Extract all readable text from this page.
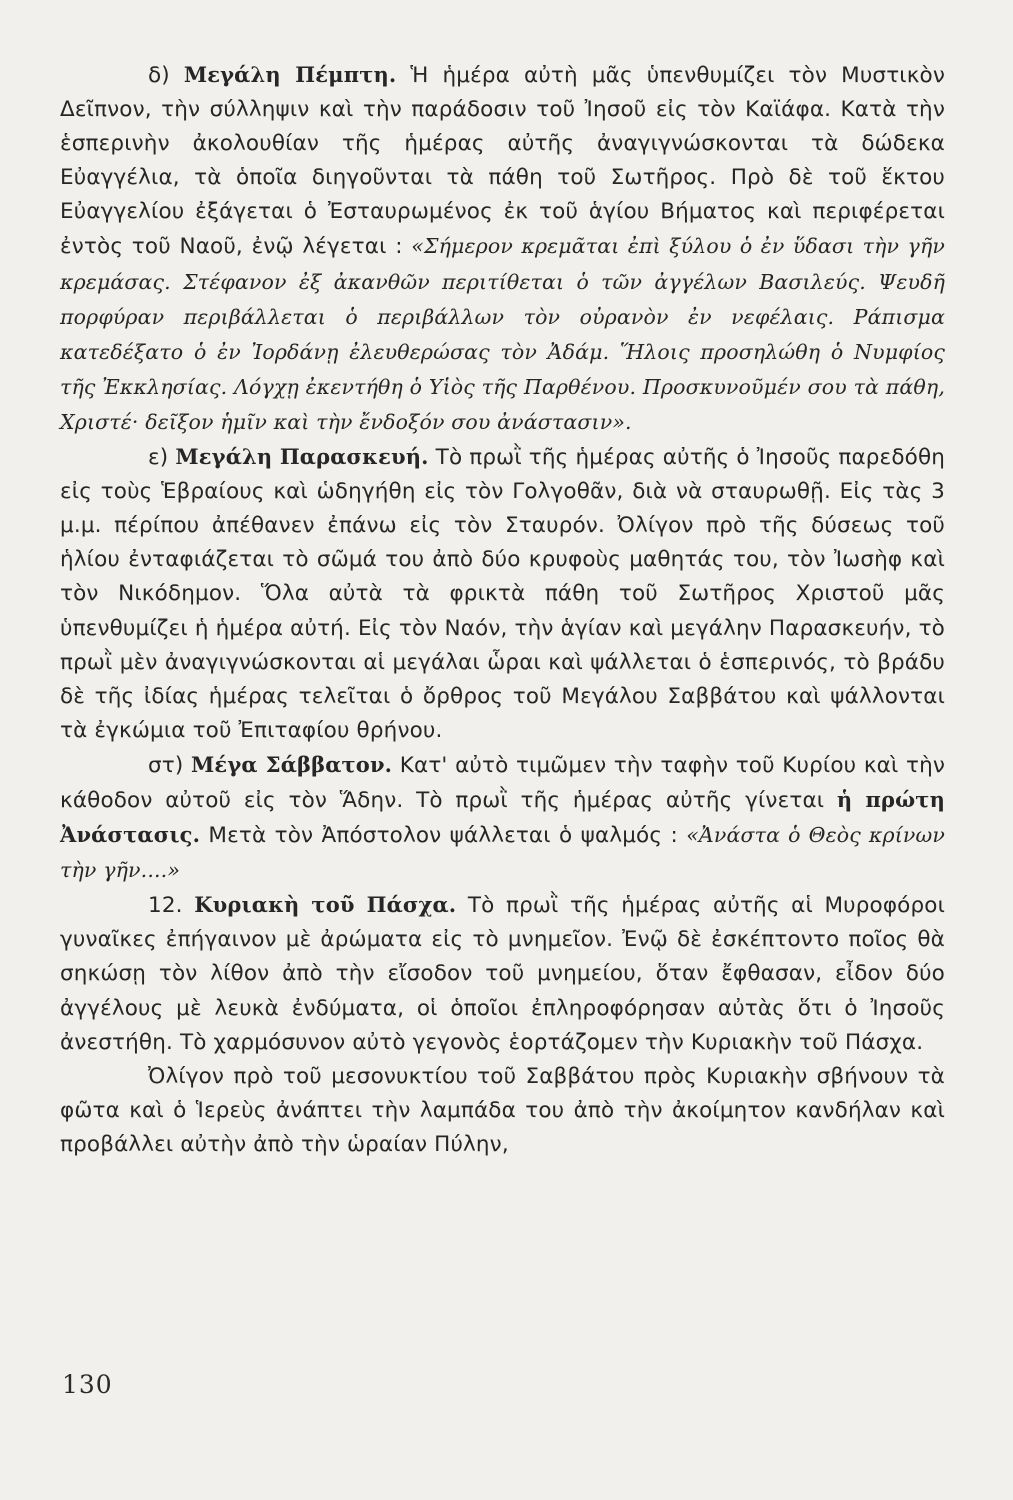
δ) Μεγάλη Πέμπτη. Ἡ ἡμέρα αὐτὴ μᾶς ὑπενθυμίζει τὸν Μυστικὸν Δεῖπνον, τὴν σύλληψιν καὶ τὴν παράδοσιν τοῦ Ἰησοῦ εἰς τὸν Καϊάφα. Κατὰ τὴν ἑσπερινὴν ἀκολουθίαν τῆς ἡμέρας αὐτῆς ἀναγιγνώσκονται τὰ δώδεκα Εὐαγγέλια, τὰ ὁποῖα διηγοῦνται τὰ πάθη τοῦ Σωτῆρος. Πρὸ δὲ τοῦ ἕκτου Εὐαγγελίου ἐξάγεται ὁ Ἐσταυρωμένος ἐκ τοῦ ἁγίου Βήματος καὶ περιφέρεται ἐντὸς τοῦ Ναοῦ, ἐνῷ λέγεται : «Σήμερον κρεμᾶται ἐπὶ ξύλου ὁ ἐν ὕδασι τὴν γῆν κρεμάσας. Στέφανον ἐξ ἀκανθῶν περιτίθεται ὁ τῶν ἀγγέλων Βασιλεύς. Ψευδῆ πορφύραν περιβάλλεται ὁ περιβάλλων τὸν οὐρανὸν ἐν νεφέλαις. Ράπισμα κατεδέξατο ὁ ἐν Ἰορδάνῃ ἐλευθερώσας τὸν Ἀδάμ. Ἥλοις προσηλώθη ὁ Νυμφίος τῆς Ἐκκλησίας. Λόγχῃ ἐκεντήθη ὁ Υἱὸς τῆς Παρθένου. Προσκυνοῦμέν σου τὰ πάθη, Χριστέ· δεῖξον ἡμῖν καὶ τὴν ἔνδοξόν σου ἀνάστασιν».

ε) Μεγάλη Παρασκευή. Τὸ πρωῒ τῆς ἡμέρας αὐτῆς ὁ Ἰησοῦς παρεδόθη εἰς τοὺς Ἑβραίους καὶ ὡδηγήθη εἰς τὸν Γολγοθᾶν, διὰ νὰ σταυρωθῇ. Εἰς τὰς 3 μ.μ. πέρίπου ἀπέθανεν ἐπάνω εἰς τὸν Σταυρόν. Ὀλίγον πρὸ τῆς δύσεως τοῦ ἡλίου ἐνταφιάζεται τὸ σῶμά του ἀπὸ δύο κρυφοὺς μαθητάς του, τὸν Ἰωσὴφ καὶ τὸν Νικόδημον. Ὅλα αὐτὰ τὰ φρικτὰ πάθη τοῦ Σωτῆρος Χριστοῦ μᾶς ὑπενθυμίζει ἡ ἡμέρα αὐτή. Εἰς τὸν Ναόν, τὴν ἁγίαν καὶ μεγάλην Παρασκευήν, τὸ πρωῒ μὲν ἀναγιγνώσκονται αἱ μεγάλαι ὧραι καὶ ψάλλεται ὁ ἑσπερινός, τὸ βράδυ δὲ τῆς ἰδίας ἡμέρας τελεῖται ὁ ὄρθρος τοῦ Μεγάλου Σαββάτου καὶ ψάλλονται τὰ ἐγκώμια τοῦ Ἐπιταφίου θρήνου.

στ) Μέγα Σάββατον. Κατ' αὐτὸ τιμῶμεν τὴν ταφὴν τοῦ Κυρίου καὶ τὴν κάθοδον αὐτοῦ εἰς τὸν Ἅδην. Τὸ πρωῒ τῆς ἡμέρας αὐτῆς γίνεται ἡ πρώτη Ἀνάστασις. Μετὰ τὸν Ἀπόστολον ψάλλεται ὁ ψαλμός : «Ἀνάστα ὁ Θεὸς κρίνων τὴν γῆν....»

12. Κυριακὴ τοῦ Πάσχα. Τὸ πρωῒ τῆς ἡμέρας αὐτῆς αἱ Μυροφόροι γυναῖκες ἐπήγαινον μὲ ἀρώματα εἰς τὸ μνημεῖον. Ἐνῷ δὲ ἐσκέπτοντο ποῖος θὰ σηκώσῃ τὸν λίθον ἀπὸ τὴν εἴσοδον τοῦ μνημείου, ὅταν ἔφθασαν, εἶδον δύο ἀγγέλους μὲ λευκὰ ἐνδύματα, οἱ ὁποῖοι ἐπληροφόρησαν αὐτὰς ὅτι ὁ Ἰησοῦς ἀνεστήθη. Τὸ χαρμόσυνον αὐτὸ γεγονὸς ἑορτάζομεν τὴν Κυριακὴν τοῦ Πάσχα.

Ὀλίγον πρὸ τοῦ μεσονυκτίου τοῦ Σαββάτου πρὸς Κυριακὴν σβήνουν τὰ φῶτα καὶ ὁ Ἱερεὺς ἀνάπτει τὴν λαμπάδα του ἀπὸ τὴν ἀκοίμητον κανδήλαν καὶ προβάλλει αὐτὴν ἀπὸ τὴν ὡραίαν Πύλην,

130
